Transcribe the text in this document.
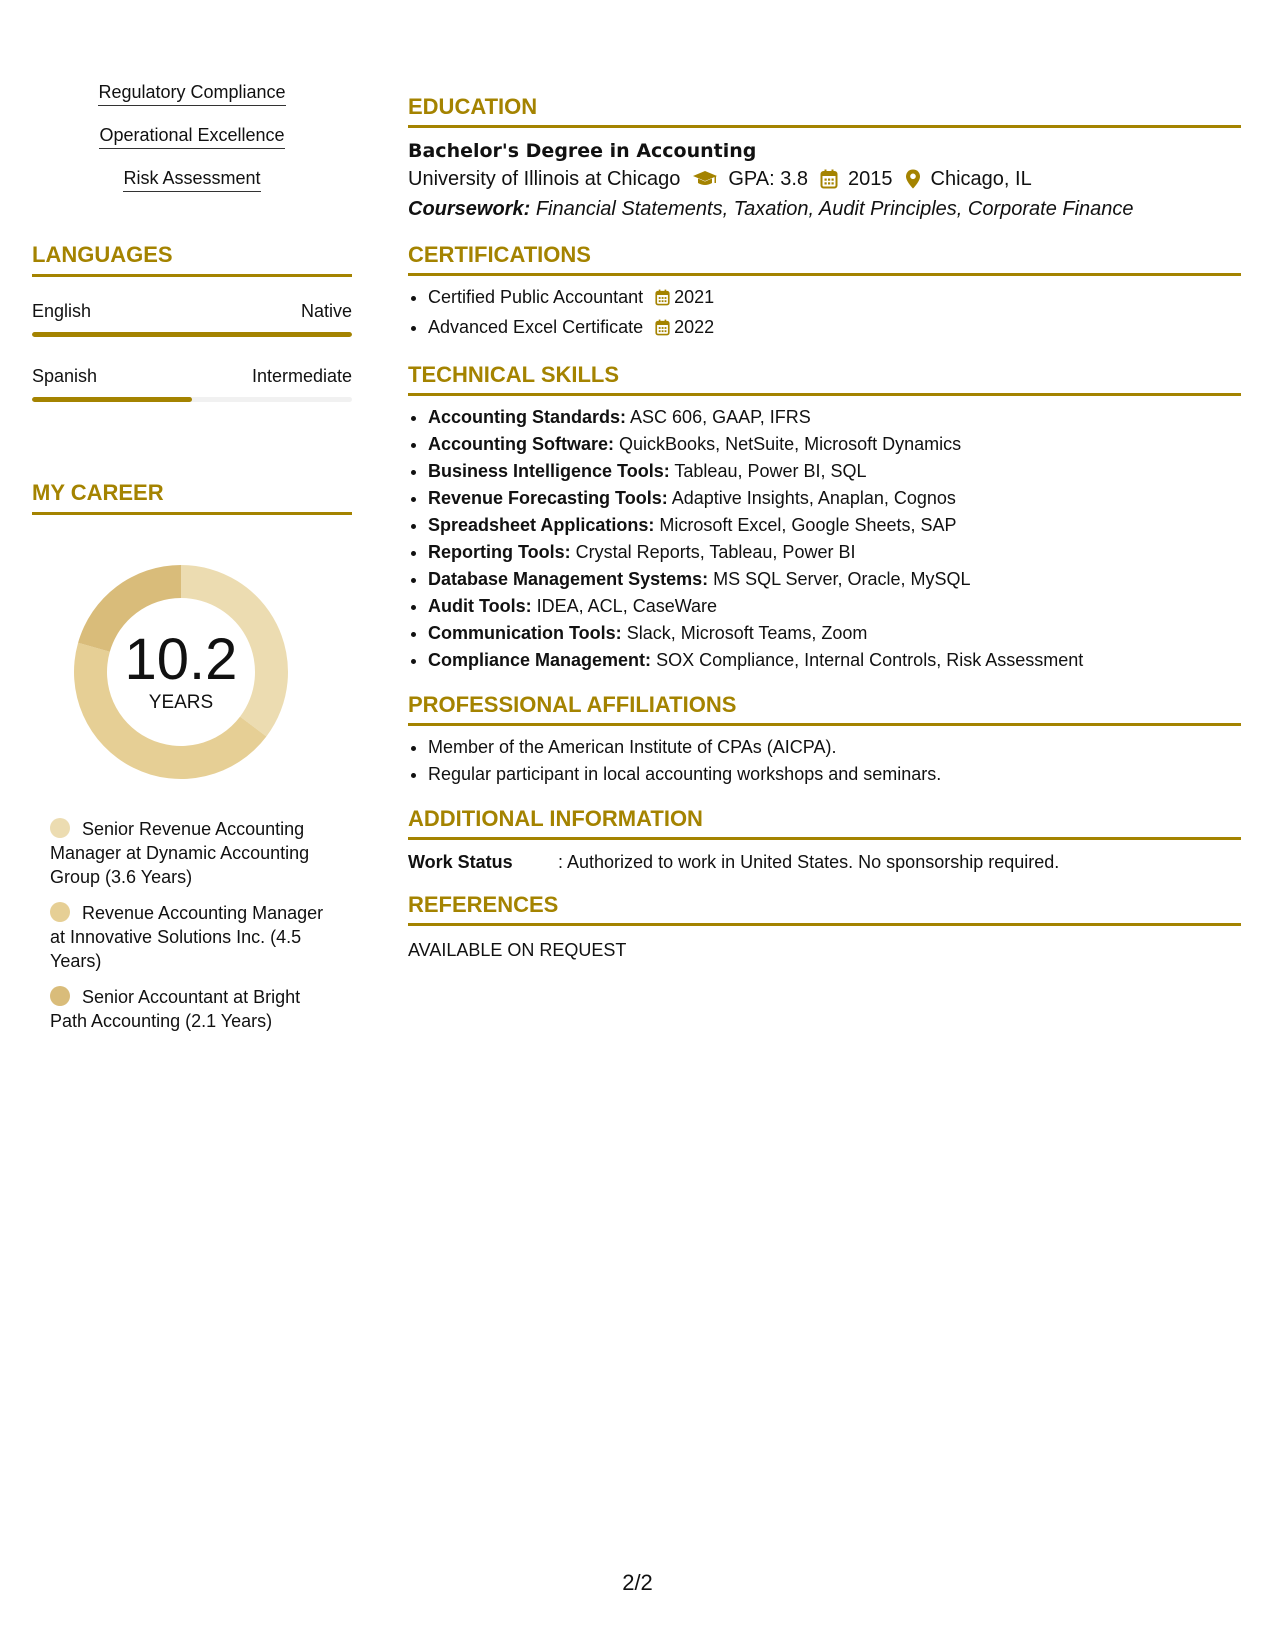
Regulatory Compliance
Operational Excellence
Risk Assessment
LANGUAGES
English	Native
Spanish	Intermediate
MY CAREER
10.2
YEARS
Senior Revenue Accounting Manager at Dynamic Accounting Group (3.6 Years)
Revenue Accounting Manager at Innovative Solutions Inc. (4.5 Years)
Senior Accountant at Bright Path Accounting (2.1 Years)
EDUCATION
Bachelor's Degree in Accounting
University of Illinois at Chicago GPA: 3.8 2015 Chicago, IL
Coursework: Financial Statements, Taxation, Audit Principles, Corporate Finance
CERTIFICATIONS
• Certified Public Accountant 2021
• Advanced Excel Certificate 2022
TECHNICAL SKILLS
• Accounting Standards: ASC 606, GAAP, IFRS
• Accounting Software: QuickBooks, NetSuite, Microsoft Dynamics
• Business Intelligence Tools: Tableau, Power BI, SQL
• Revenue Forecasting Tools: Adaptive Insights, Anaplan, Cognos
• Spreadsheet Applications: Microsoft Excel, Google Sheets, SAP
• Reporting Tools: Crystal Reports, Tableau, Power BI
• Database Management Systems: MS SQL Server, Oracle, MySQL
• Audit Tools: IDEA, ACL, CaseWare
• Communication Tools: Slack, Microsoft Teams, Zoom
• Compliance Management: SOX Compliance, Internal Controls, Risk Assessment
PROFESSIONAL AFFILIATIONS
• Member of the American Institute of CPAs (AICPA).
• Regular participant in local accounting workshops and seminars.
ADDITIONAL INFORMATION
Work Status	: Authorized to work in United States. No sponsorship required.
REFERENCES
AVAILABLE ON REQUEST
2/2
